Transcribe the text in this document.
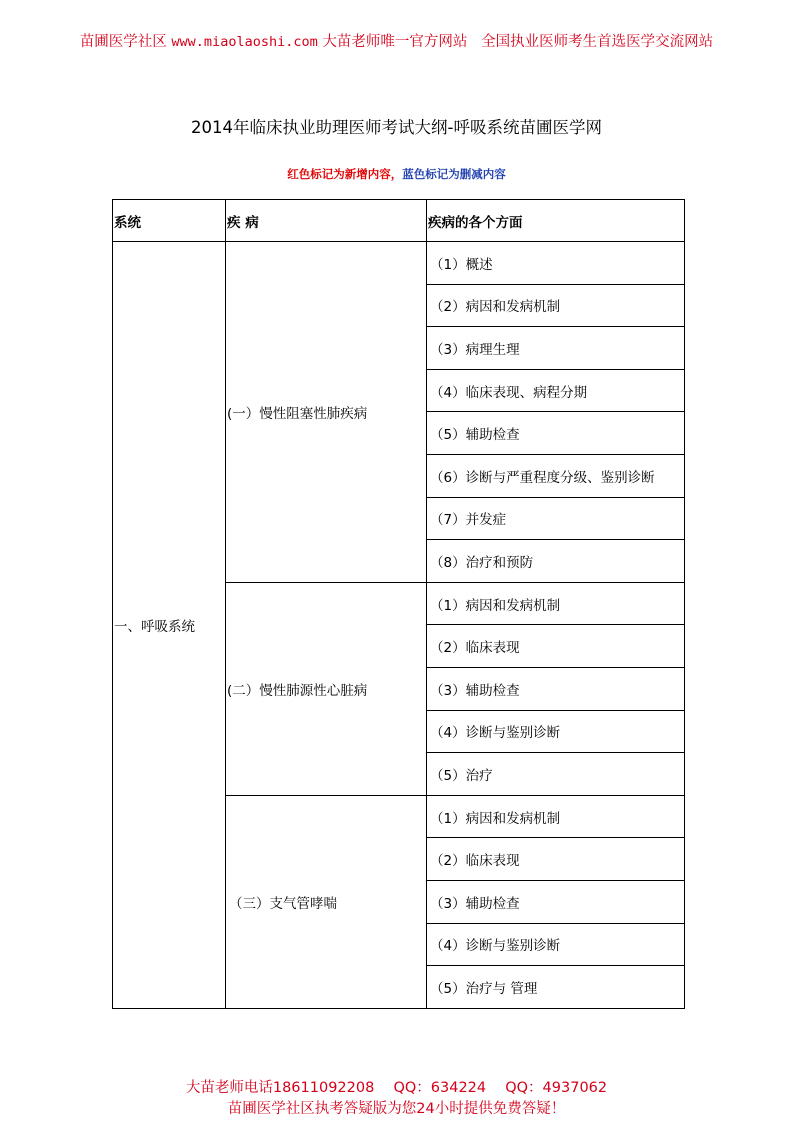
苗圃医学社区 www.miaolaoshi.com 大苗老师唯一官方网站 全国执业医师考生首选医学交流网站
2014年临床执业助理医师考试大纲-呼吸系统苗圃医学网
红色标记为新增内容，蓝色标记为删减内容
系统	疾 病	疾病的各个方面
一、呼吸系统	(一）慢性阻塞性肺疾病	（1）概述
		（2）病因和发病机制
		（3）病理生理
		（4）临床表现、病程分期
		（5）辅助检查
		（6）诊断与严重程度分级、鉴别诊断
		（7）并发症
		（8）治疗和预防
	(二）慢性肺源性心脏病	（1）病因和发病机制
		（2）临床表现
		（3）辅助检查
		（4）诊断与鉴别诊断
		（5）治疗
	（三）支气管哮喘	（1）病因和发病机制
		（2）临床表现
		（3）辅助检查
		（4）诊断与鉴别诊断
		（5）治疗与 管理
大苗老师电话18611092208　 QQ：634224　 QQ：4937062
苗圃医学社区执考答疑版为您24小时提供免费答疑！
